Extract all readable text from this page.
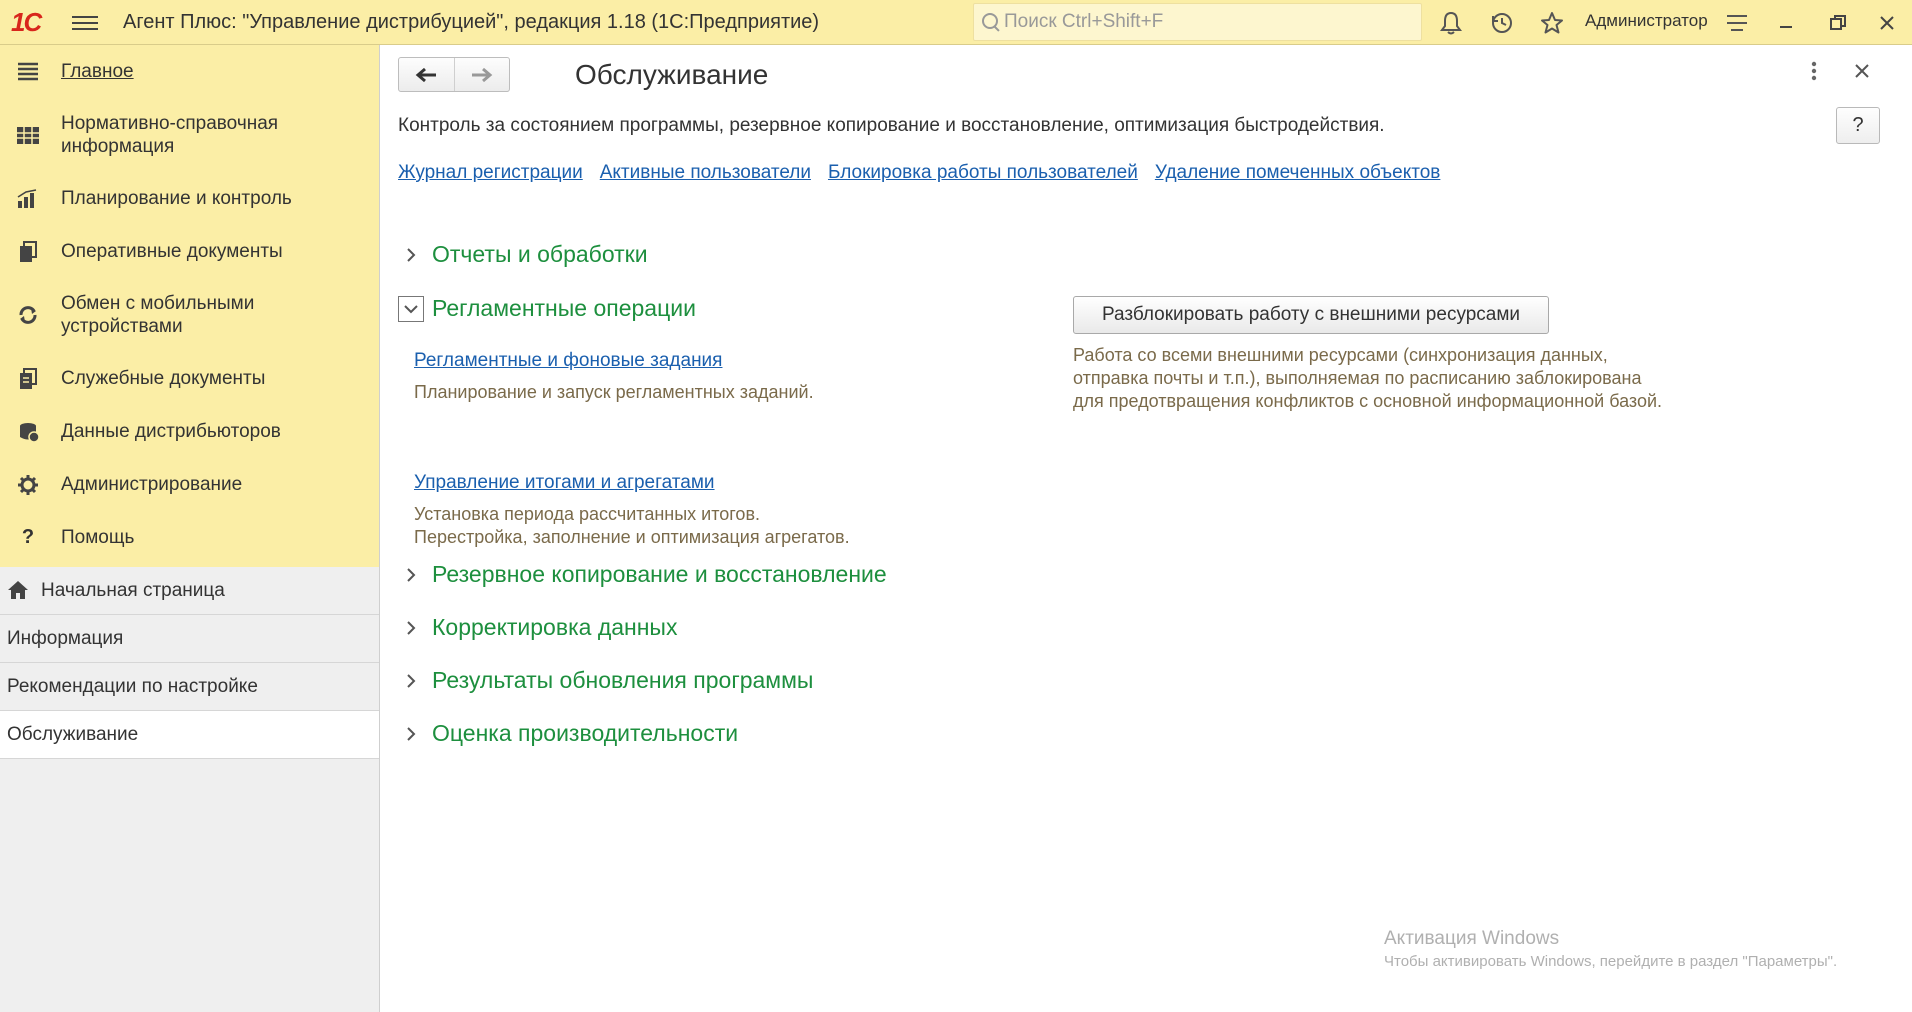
1C	Агент Плюс: "Управление дистрибуцией", редакция 1.18 (1С:Предприятие)
Поиск Ctrl+Shift+F	Администратор
Главное
Нормативно-справочная информация
Планирование и контроль
Оперативные документы
Обмен с мобильными устройствами
Служебные документы
Данные дистрибьюторов
Администрирование
?	Помощь
Начальная страница
Информация
Рекомендации по настройке
Обслуживание
Обслуживание
?
Контроль за состоянием программы, резервное копирование и восстановление, оптимизация быстродействия.
Журнал регистрации Активные пользователи Блокировка работы пользователей Удаление помеченных объектов
Отчеты и обработки
Регламентные операции
Регламентные и фоновые задания
Планирование и запуск регламентных заданий.
Управление итогами и агрегатами
Установка периода рассчитанных итогов.
Перестройка, заполнение и оптимизация агрегатов.
Разблокировать работу с внешними ресурсами
Работа со всеми внешними ресурсами (синхронизация данных,
отправка почты и т.п.), выполняемая по расписанию заблокирована
для предотвращения конфликтов с основной информационной базой.
Резервное копирование и восстановление
Корректировка данных
Результаты обновления программы
Оценка производительности
Активация Windows
Чтобы активировать Windows, перейдите в раздел "Параметры".
